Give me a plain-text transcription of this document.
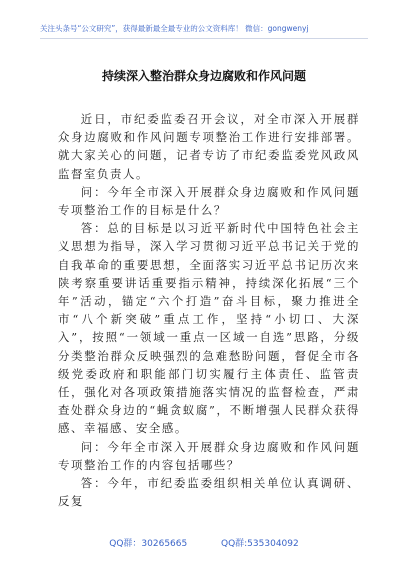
关注头条号“公文研究”，获得最新最全最专业的公文资料库！ 微信：gongwenyj
持续深入整治群众身边腐败和作风问题

近日，市纪委监委召开会议，对全市深入开展群众身边腐败和作风问题专项整治工作进行安排部署。就大家关心的问题，记者专访了市纪委监委党风政风监督室负责人。

问：今年全市深入开展群众身边腐败和作风问题专项整治工作的目标是什么？

答：总的目标是以习近平新时代中国特色社会主义思想为指导，深入学习贯彻习近平总书记关于党的自我革命的重要思想，全面落实习近平总书记历次来陕考察重要讲话重要指示精神，持续深化拓展“三个年”活动，锚定“六个打造”奋斗目标，聚力推进全市“八个新突破”重点工作，坚持“小切口、大深入”，按照“一领域一重点一区域一自选”思路，分级分类整治群众反映强烈的急难愁盼问题，督促全市各级党委政府和职能部门切实履行主体责任、监管责任，强化对各项政策措施落实情况的监督检查，严肃查处群众身边的“蝇贪蚁腐”，不断增强人民群众获得感、幸福感、安全感。

问：今年全市深入开展群众身边腐败和作风问题专项整治工作的内容包括哪些？

答：今年，市纪委监委组织相关单位认真调研、反复

QQ群：30265665	QQ群:535304092
